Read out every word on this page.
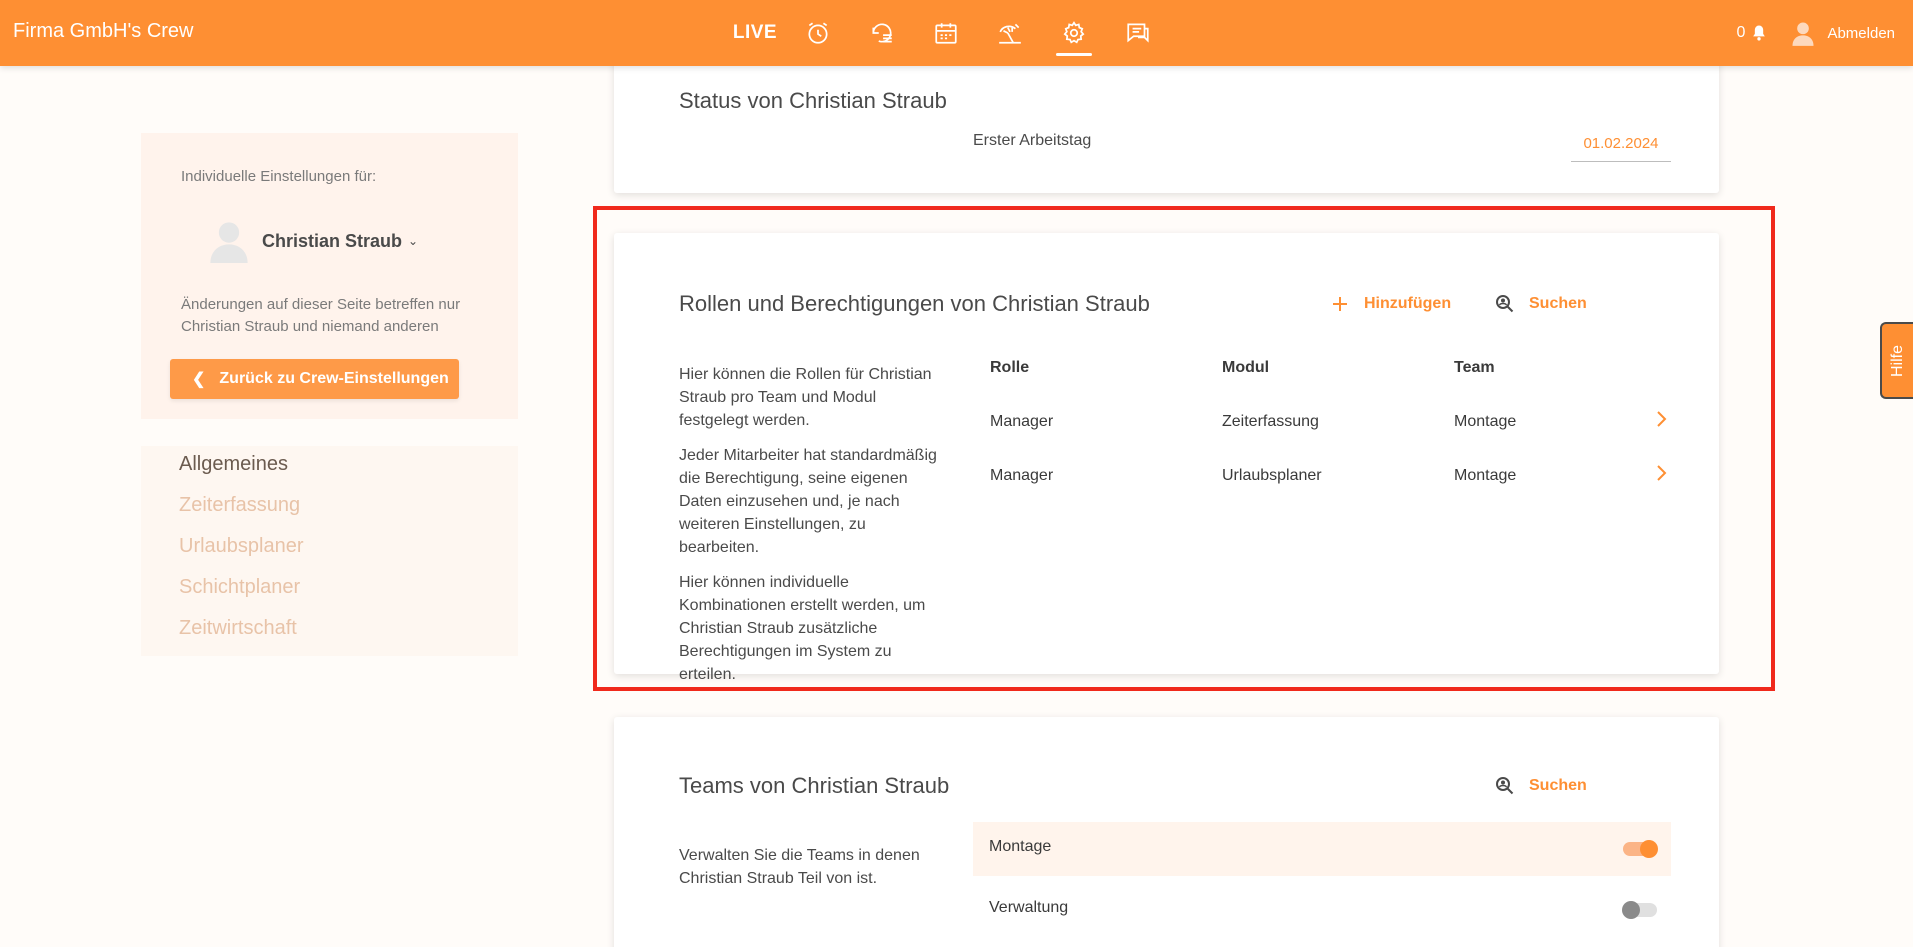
Firma GmbH's Crew	LIVE	0	Abmelden
Individuelle Einstellungen für:
Christian Straub ⌄
Änderungen auf dieser Seite betreffen nur Christian Straub und niemand anderen
❮ Zurück zu Crew-Einstellungen
Allgemeines
Zeiterfassung
Urlaubsplaner
Schichtplaner
Zeitwirtschaft
Status von Christian Straub
Erster Arbeitstag	01.02.2024
Rollen und Berechtigungen von Christian Straub	Hinzufügen	Suchen

Hier können die Rollen für Christian Straub pro Team und Modul festgelegt werden.

Jeder Mitarbeiter hat standardmäßig die Berechtigung, seine eigenen Daten einzusehen und, je nach weiteren Einstellungen, zu bearbeiten.

Hier können individuelle Kombinationen erstellt werden, um Christian Straub zusätzliche Berechtigungen im System zu erteilen.

Rolle	Modul	Team
Manager	Zeiterfassung	Montage
Manager	Urlaubsplaner	Montage
Teams von Christian Straub	Suchen
Verwalten Sie die Teams in denen Christian Straub Teil von ist.
Montage
Verwaltung
Hilfe
